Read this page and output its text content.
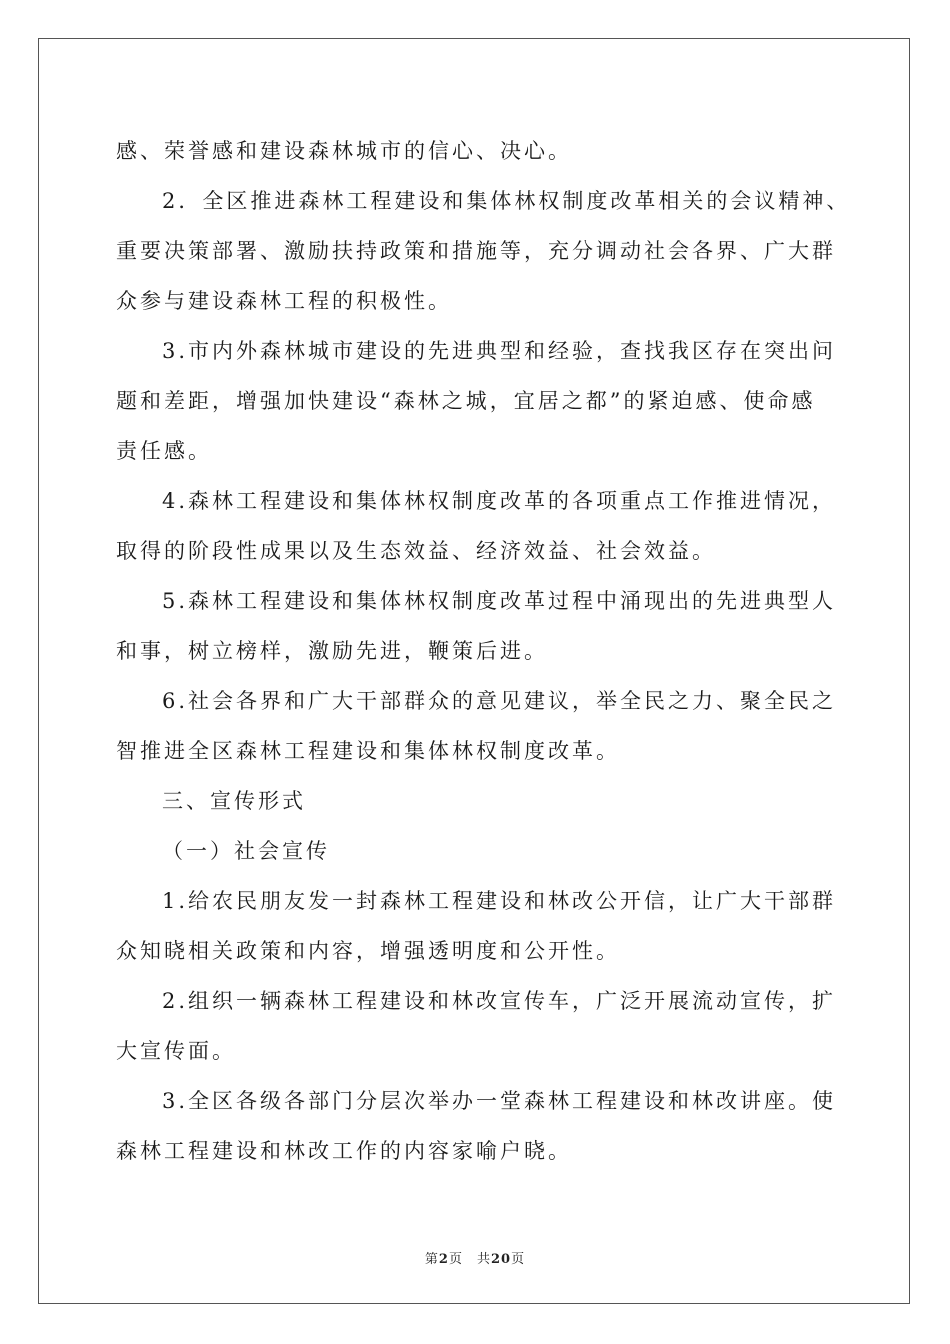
感、荣誉感和建设森林城市的信心、决心。

2．全区推进森林工程建设和集体林权制度改革相关的会议精神、
重要决策部署、激励扶持政策和措施等，充分调动社会各界、广大群
众参与建设森林工程的积极性。

3.市内外森林城市建设的先进典型和经验，查找我区存在突出问
题和差距，增强加快建设“森林之城，宜居之都”的紧迫感、使命感
责任感。

4.森林工程建设和集体林权制度改革的各项重点工作推进情况，
取得的阶段性成果以及生态效益、经济效益、社会效益。

5.森林工程建设和集体林权制度改革过程中涌现出的先进典型人
和事，树立榜样，激励先进，鞭策后进。

6.社会各界和广大干部群众的意见建议，举全民之力、聚全民之
智推进全区森林工程建设和集体林权制度改革。

三、宣传形式

（一）社会宣传

1.给农民朋友发一封森林工程建设和林改公开信，让广大干部群
众知晓相关政策和内容，增强透明度和公开性。

2.组织一辆森林工程建设和林改宣传车，广泛开展流动宣传，扩
大宣传面。

3.全区各级各部门分层次举办一堂森林工程建设和林改讲座。使
森林工程建设和林改工作的内容家喻户晓。

第2页 共20页
